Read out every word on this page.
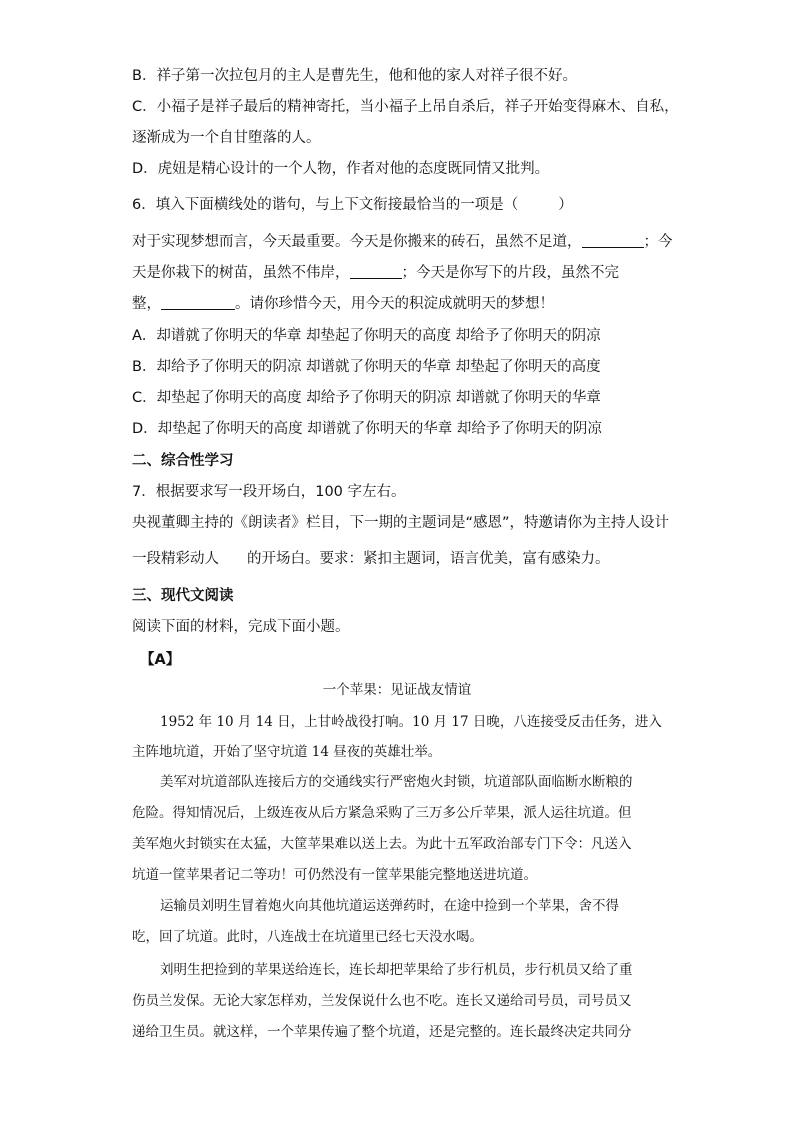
B．祥子第一次拉包月的主人是曹先生，他和他的家人对祥子很不好。
C．小福子是祥子最后的精神寄托，当小福子上吊自杀后，祥子开始变得麻木、自私，
逐渐成为一个自甘堕落的人。
D．虎妞是精心设计的一个人物，作者对他的态度既同情又批判。
6．填入下面横线处的谐句，与上下文衔接最恰当的一项是（	）
对于实现梦想而言，今天最重要。今天是你搬来的砖石，虽然不足道，	；今
天是你栽下的树苗，虽然不伟岸，	；今天是你写下的片段，虽然不完
整，	。请你珍惜今天，用今天的积淀成就明天的梦想！
A．却谱就了你明天的华章 却垫起了你明天的高度 却给予了你明天的阴凉
B．却给予了你明天的阴凉 却谱就了你明天的华章 却垫起了你明天的高度
C．却垫起了你明天的高度 却给予了你明天的阴凉 却谱就了你明天的华章
D．却垫起了你明天的高度 却谱就了你明天的华章 却给予了你明天的阴凉
二、综合性学习
7．根据要求写一段开场白，100 字左右。
央视董卿主持的《朗读者》栏目，下一期的主题词是“感恩”，特邀请你为主持人设计
一段精彩动人 的开场白。要求：紧扣主题词，语言优美，富有感染力。
三、现代文阅读
阅读下面的材料，完成下面小题。
【A】
一个苹果：见证战友情谊
1952 年 10 月 14 日，上甘岭战役打响。10 月 17 日晚，八连接受反击任务，进入
主阵地坑道，开始了坚守坑道 14 昼夜的英雄壮举。
美军对坑道部队连接后方的交通线实行严密炮火封锁，坑道部队面临断水断粮的
危险。得知情况后，上级连夜从后方紧急采购了三万多公斤苹果，派人运往坑道。但
美军炮火封锁实在太猛，大筐苹果难以送上去。为此十五军政治部专门下令：凡送入
坑道一筐苹果者记二等功！可仍然没有一筐苹果能完整地送进坑道。
运输员刘明生冒着炮火向其他坑道运送弹药时，在途中捡到一个苹果，舍不得
吃，回了坑道。此时，八连战士在坑道里已经七天没水喝。
刘明生把捡到的苹果送给连长，连长却把苹果给了步行机员，步行机员又给了重
伤员兰发保。无论大家怎样劝，兰发保说什么也不吃。连长又递给司号员，司号员又
递给卫生员。就这样，一个苹果传遍了整个坑道，还是完整的。连长最终决定共同分
